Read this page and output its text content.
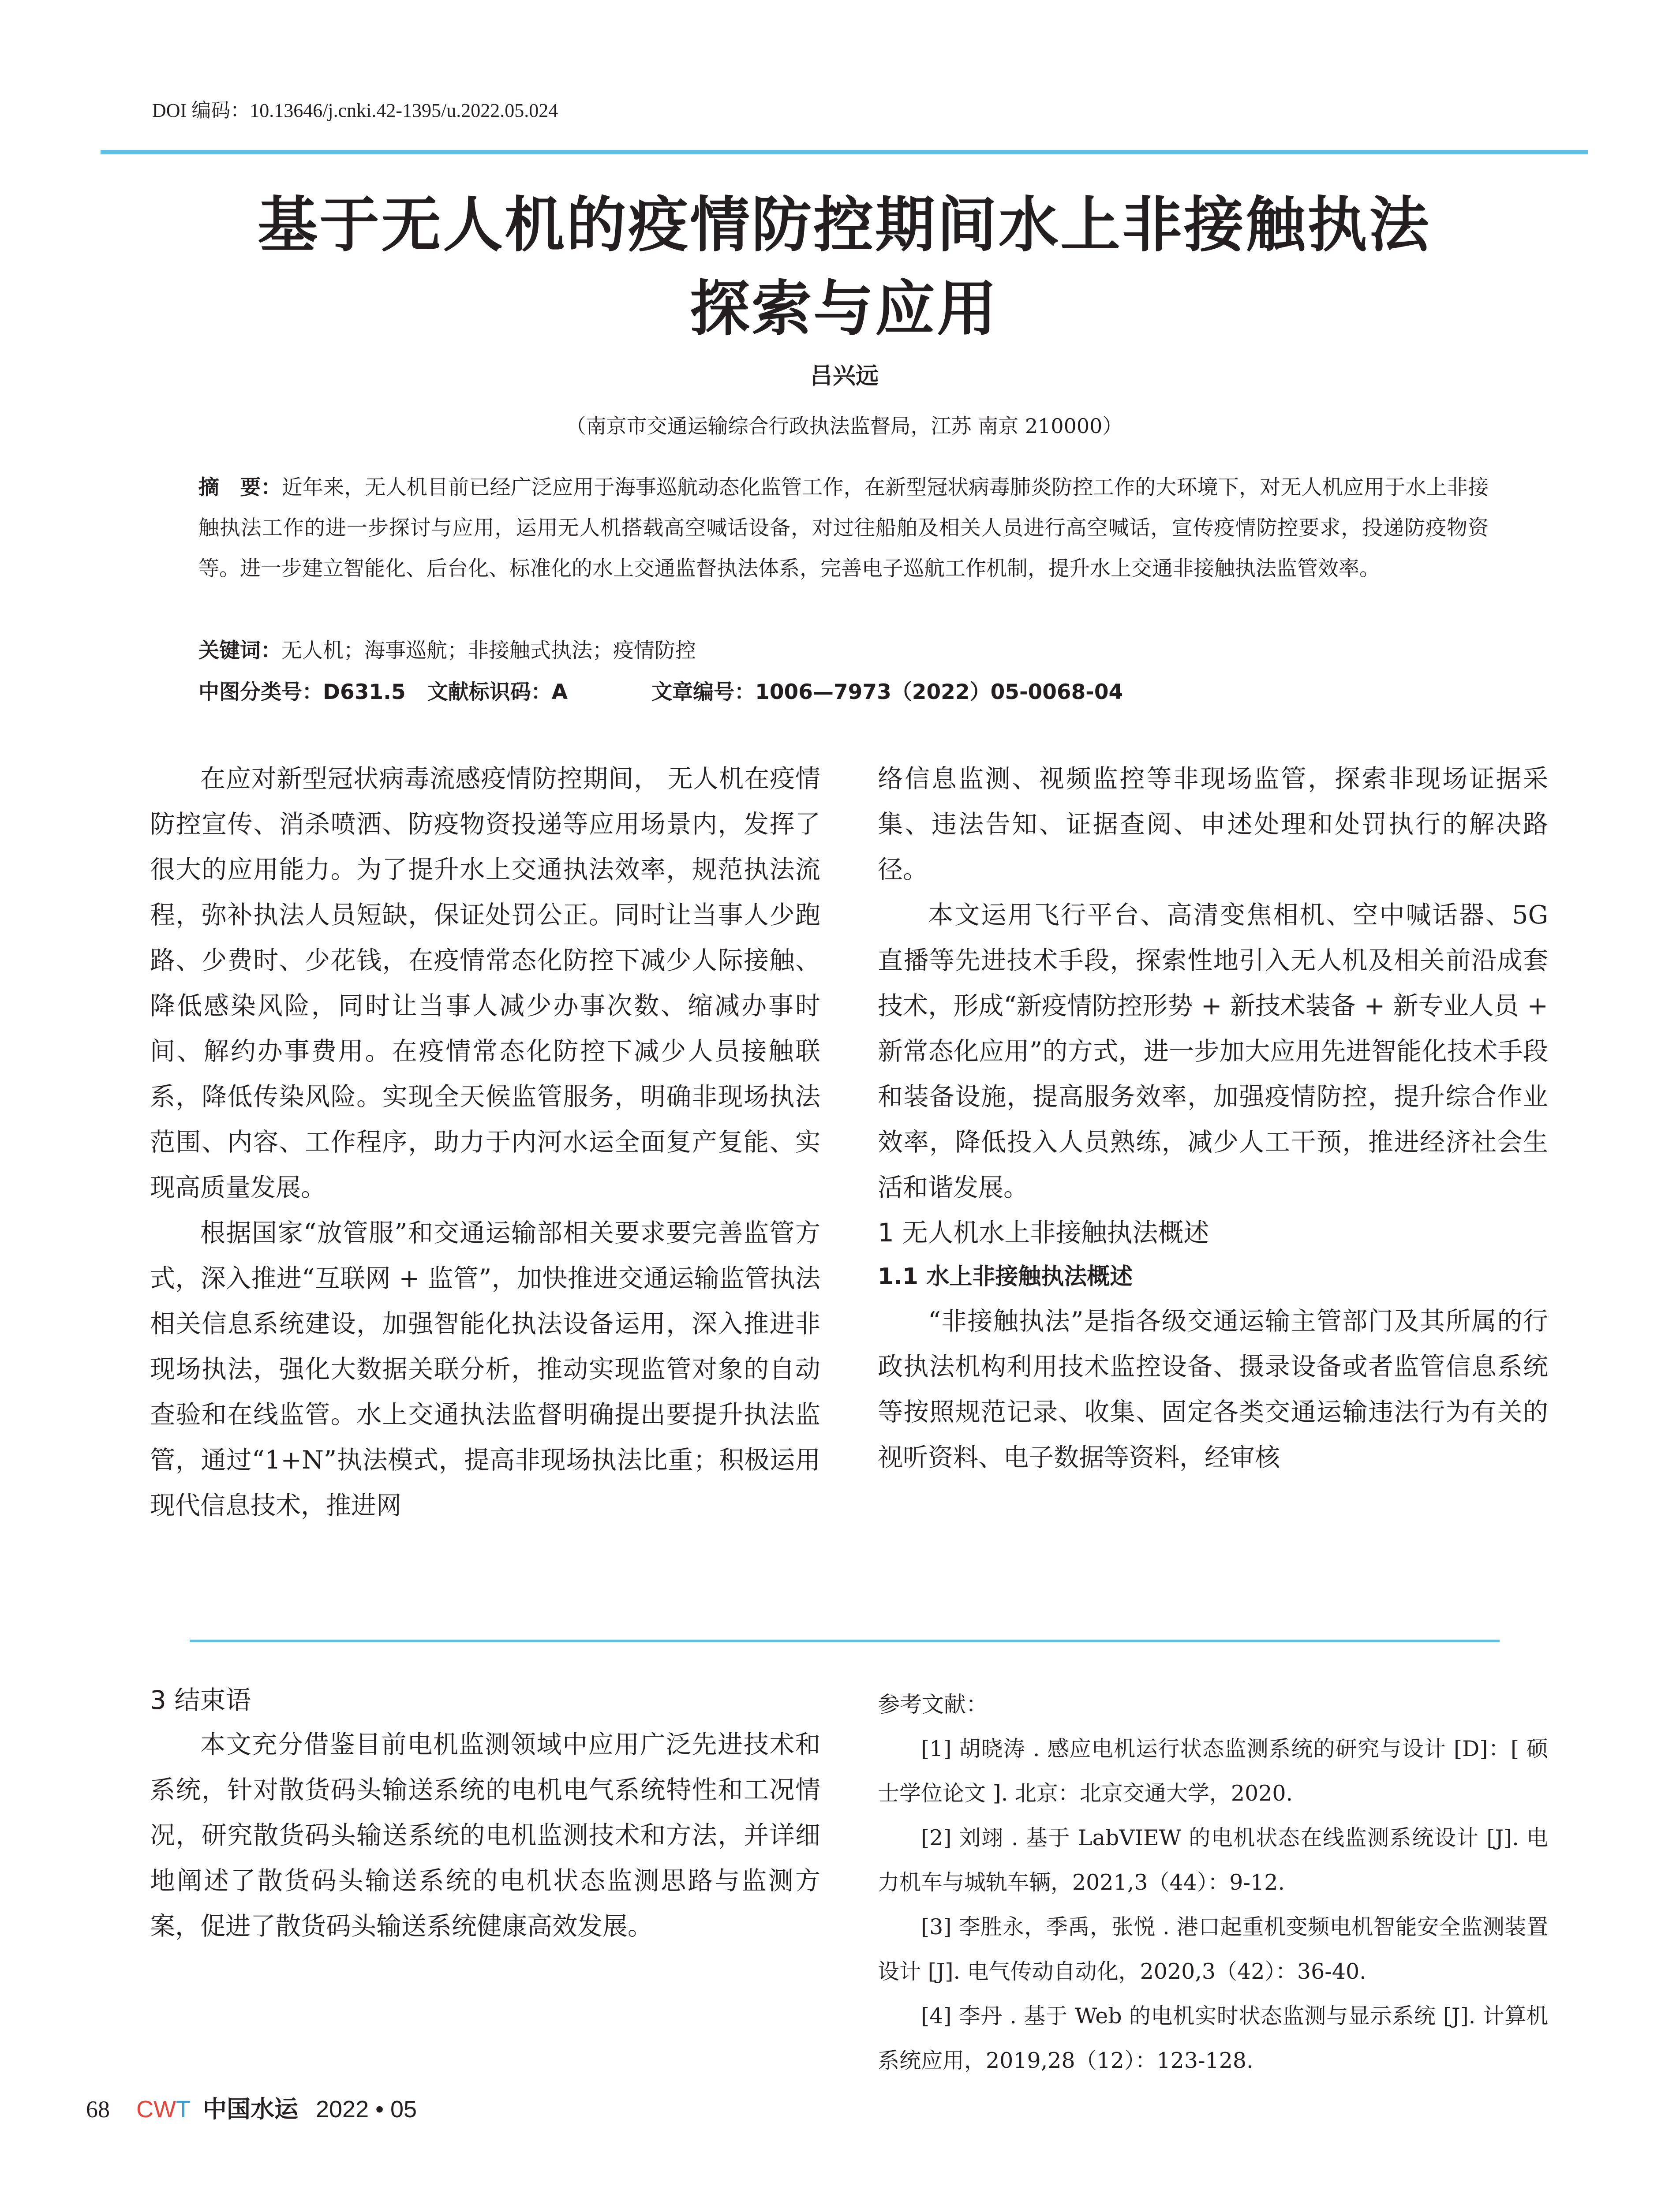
DOI 编码：10.13646/j.cnki.42-1395/u.2022.05.024
基于无人机的疫情防控期间水上非接触执法
探索与应用
吕兴远
（南京市交通运输综合行政执法监督局，江苏 南京 210000）
摘　要：近年来，无人机目前已经广泛应用于海事巡航动态化监管工作，在新型冠状病毒肺炎防控工作的大环境下，对无人机应用于水上非接触执法工作的进一步探讨与应用，运用无人机搭载高空喊话设备，对过往船舶及相关人员进行高空喊话，宣传疫情防控要求，投递防疫物资等。进一步建立智能化、后台化、标准化的水上交通监督执法体系，完善电子巡航工作机制，提升水上交通非接触执法监管效率。
关键词：无人机；海事巡航；非接触式执法；疫情防控
中图分类号：D631.5 文献标识码：A	文章编号：1006—7973（2022）05-0068-04

在应对新型冠状病毒流感疫情防控期间， 无人机在疫情防控宣传、消杀喷洒、防疫物资投递等应用场景内，发挥了很大的应用能力。为了提升水上交通执法效率，规范执法流程，弥补执法人员短缺，保证处罚公正。同时让当事人少跑路、少费时、少花钱，在疫情常态化防控下减少人际接触、降低感染风险，同时让当事人减少办事次数、缩减办事时间、解约办事费用。在疫情常态化防控下减少人员接触联系，降低传染风险。实现全天候监管服务，明确非现场执法范围、内容、工作程序，助力于内河水运全面复产复能、实现高质量发展。

根据国家“放管服”和交通运输部相关要求要完善监管方式，深入推进“互联网 + 监管”，加快推进交通运输监管执法相关信息系统建设，加强智能化执法设备运用，深入推进非现场执法，强化大数据关联分析，推动实现监管对象的自动查验和在线监管。水上交通执法监督明确提出要提升执法监管，通过“1+N”执法模式，提高非现场执法比重；积极运用现代信息技术，推进网

络信息监测、视频监控等非现场监管，探索非现场证据采集、违法告知、证据查阅、申述处理和处罚执行的解决路径。

本文运用飞行平台、高清变焦相机、空中喊话器、5G 直播等先进技术手段，探索性地引入无人机及相关前沿成套技术，形成“新疫情防控形势 + 新技术装备 + 新专业人员 + 新常态化应用”的方式，进一步加大应用先进智能化技术手段和装备设施，提高服务效率，加强疫情防控，提升综合作业效率，降低投入人员熟练，减少人工干预，推进经济社会生活和谐发展。

1 无人机水上非接触执法概述

1.1 水上非接触执法概述

“非接触执法”是指各级交通运输主管部门及其所属的行政执法机构利用技术监控设备、摄录设备或者监管信息系统等按照规范记录、收集、固定各类交通运输违法行为有关的视听资料、电子数据等资料，经审核

3 结束语

本文充分借鉴目前电机监测领域中应用广泛先进技术和系统，针对散货码头输送系统的电机电气系统特性和工况情况，研究散货码头输送系统的电机监测技术和方法，并详细地阐述了散货码头输送系统的电机状态监测思路与监测方案，促进了散货码头输送系统健康高效发展。

参考文献：

[1] 胡晓涛 . 感应电机运行状态监测系统的研究与设计 [D]：[ 硕士学位论文 ]. 北京：北京交通大学，2020.

[2] 刘翊 . 基于 LabVIEW 的电机状态在线监测系统设计 [J]. 电力机车与城轨车辆，2021,3（44）：9-12.

[3] 李胜永，季禹，张悦 . 港口起重机变频电机智能安全监测装置设计 [J]. 电气传动自动化，2020,3（42）：36-40.

[4] 李丹 . 基于 Web 的电机实时状态监测与显示系统 [J]. 计算机系统应用，2019,28（12）：123-128.

68 CWT 中国水运 2022 • 05
